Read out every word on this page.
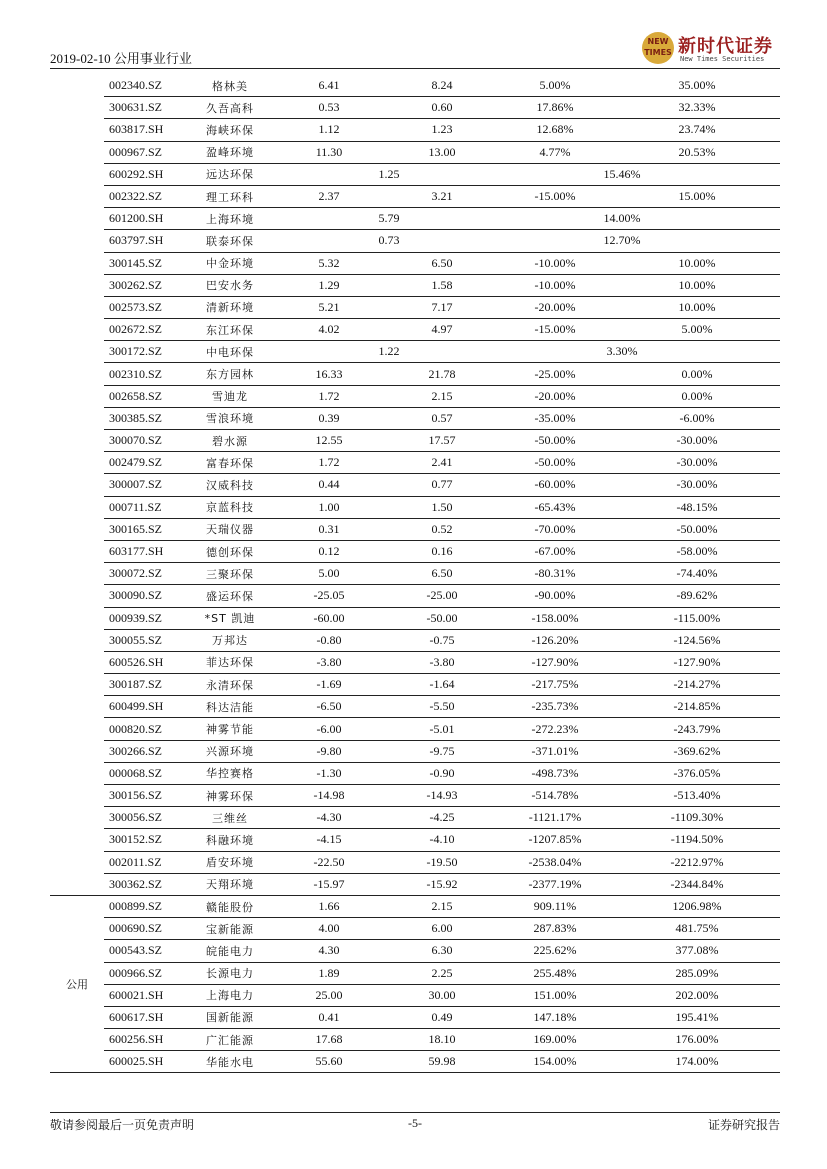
2019-02-10 公用事业行业
NEW TIMES 新时代证券
New Times Securities
	002340.SZ	格林美	6.41		8.24		5.00%		35.00%	
	300631.SZ	久吾高科	0.53		0.60		17.86%		32.33%	
	603817.SH	海峡环保	1.12		1.23		12.68%		23.74%	
	000967.SZ	盈峰环境	11.30		13.00		4.77%		20.53%	
	600292.SH	远达环保		1.25				15.46%		
	002322.SZ	理工环科	2.37		3.21		-15.00%		15.00%	
	601200.SH	上海环境		5.79				14.00%		
	603797.SH	联泰环保		0.73				12.70%		
	300145.SZ	中金环境	5.32		6.50		-10.00%		10.00%	
	300262.SZ	巴安水务	1.29		1.58		-10.00%		10.00%	
	002573.SZ	清新环境	5.21		7.17		-20.00%		10.00%	
	002672.SZ	东江环保	4.02		4.97		-15.00%		5.00%	
	300172.SZ	中电环保		1.22				3.30%		
	002310.SZ	东方园林	16.33		21.78		-25.00%		0.00%	
	002658.SZ	雪迪龙	1.72		2.15		-20.00%		0.00%	
	300385.SZ	雪浪环境	0.39		0.57		-35.00%		-6.00%	
	300070.SZ	碧水源	12.55		17.57		-50.00%		-30.00%	
	002479.SZ	富春环保	1.72		2.41		-50.00%		-30.00%	
	300007.SZ	汉威科技	0.44		0.77		-60.00%		-30.00%	
	000711.SZ	京蓝科技	1.00		1.50		-65.43%		-48.15%	
	300165.SZ	天瑞仪器	0.31		0.52		-70.00%		-50.00%	
	603177.SH	德创环保	0.12		0.16		-67.00%		-58.00%	
	300072.SZ	三聚环保	5.00		6.50		-80.31%		-74.40%	
	300090.SZ	盛运环保	-25.05		-25.00		-90.00%		-89.62%	
	000939.SZ	*ST 凯迪	-60.00		-50.00		-158.00%		-115.00%	
	300055.SZ	万邦达	-0.80		-0.75		-126.20%		-124.56%	
	600526.SH	菲达环保	-3.80		-3.80		-127.90%		-127.90%	
	300187.SZ	永清环保	-1.69		-1.64		-217.75%		-214.27%	
	600499.SH	科达洁能	-6.50		-5.50		-235.73%		-214.85%	
	000820.SZ	神雾节能	-6.00		-5.01		-272.23%		-243.79%	
	300266.SZ	兴源环境	-9.80		-9.75		-371.01%		-369.62%	
	000068.SZ	华控赛格	-1.30		-0.90		-498.73%		-376.05%	
	300156.SZ	神雾环保	-14.98		-14.93		-514.78%		-513.40%	
	300056.SZ	三维丝	-4.30		-4.25		-1121.17%		-1109.30%	
	300152.SZ	科融环境	-4.15		-4.10		-1207.85%		-1194.50%	
	002011.SZ	盾安环境	-22.50		-19.50		-2538.04%		-2212.97%	
	300362.SZ	天翔环境	-15.97		-15.92		-2377.19%		-2344.84%	
公用	000899.SZ	赣能股份	1.66		2.15		909.11%		1206.98%	
	000690.SZ	宝新能源	4.00		6.00		287.83%		481.75%	
	000543.SZ	皖能电力	4.30		6.30		225.62%		377.08%	
	000966.SZ	长源电力	1.89		2.25		255.48%		285.09%	
	600021.SH	上海电力	25.00		30.00		151.00%		202.00%	
	600617.SH	国新能源	0.41		0.49		147.18%		195.41%	
	600256.SH	广汇能源	17.68		18.10		169.00%		176.00%	
	600025.SH	华能水电	55.60		59.98		154.00%		174.00%	
敬请参阅最后一页免责声明	-5-	证券研究报告
